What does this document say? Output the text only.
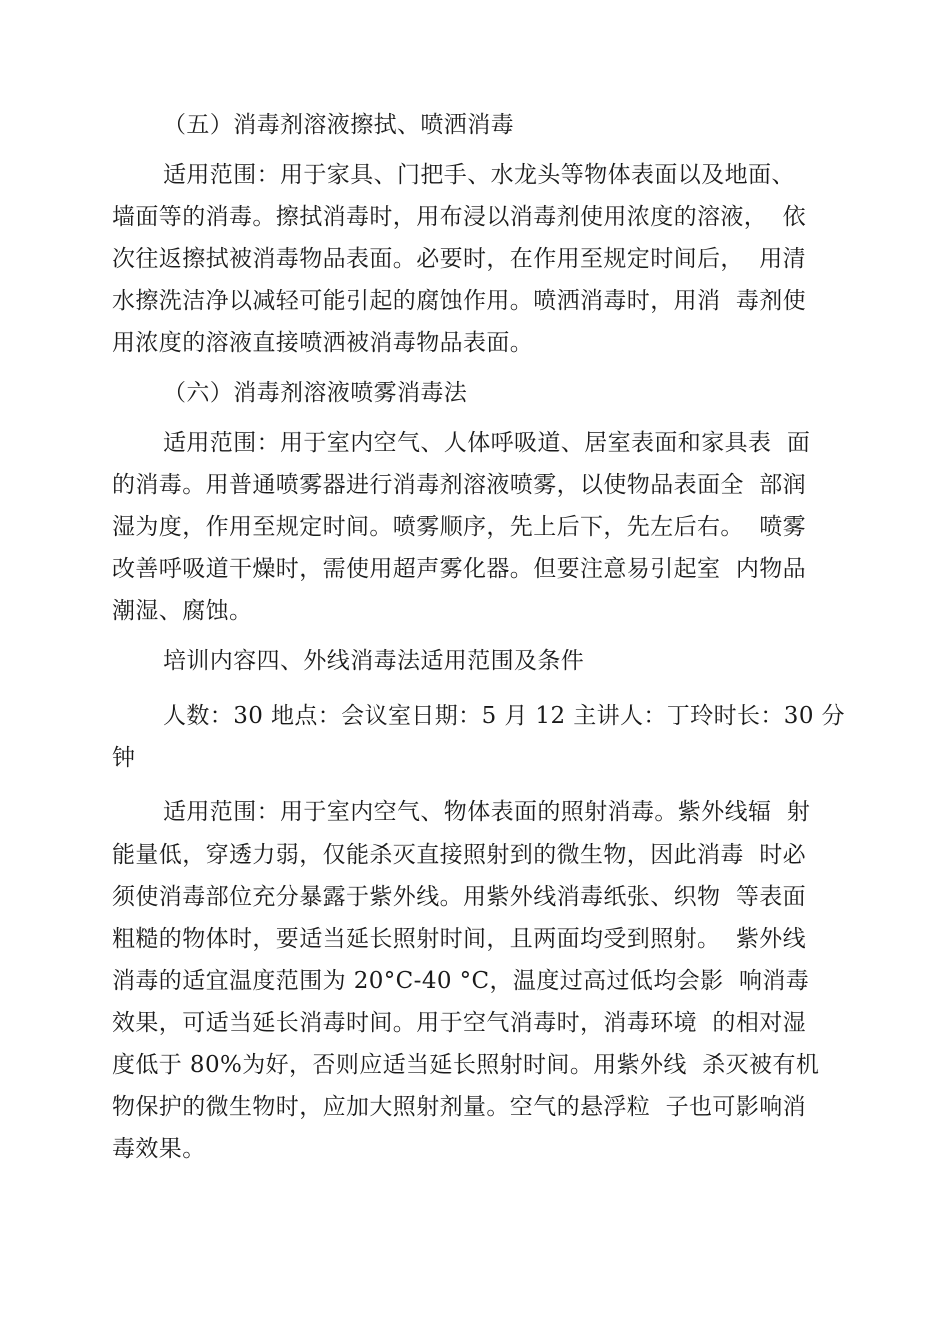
（五）消毒剂溶液擦拭、喷洒消毒
适用范围：用于家具、门把手、水龙头等物体表面以及地面、
墙面等的消毒。擦拭消毒时，用布浸以消毒剂使用浓度的溶液，  依
次往返擦拭被消毒物品表面。必要时，在作用至规定时间后，  用清
水擦洗洁净以减轻可能引起的腐蚀作用。喷洒消毒时，用消  毒剂使
用浓度的溶液直接喷洒被消毒物品表面。
（六）消毒剂溶液喷雾消毒法
适用范围：用于室内空气、人体呼吸道、居室表面和家具表  面
的消毒。用普通喷雾器进行消毒剂溶液喷雾，以使物品表面全  部润
湿为度，作用至规定时间。喷雾顺序，先上后下，先左后右。  喷雾
改善呼吸道干燥时，需使用超声雾化器。但要注意易引起室  内物品
潮湿、腐蚀。
培训内容四、外线消毒法适用范围及条件
人数：30 地点：会议室日期：5 月 12 主讲人：丁玲时长：30 分
钟
适用范围：用于室内空气、物体表面的照射消毒。紫外线辐  射
能量低，穿透力弱，仅能杀灭直接照射到的微生物，因此消毒  时必
须使消毒部位充分暴露于紫外线。用紫外线消毒纸张、织物  等表面
粗糙的物体时，要适当延长照射时间，且两面均受到照射。  紫外线
消毒的适宜温度范围为 20°C-40 °C，温度过高过低均会影  响消毒
效果，可适当延长消毒时间。用于空气消毒时，消毒环境  的相对湿
度低于 80%为好，否则应适当延长照射时间。用紫外线  杀灭被有机
物保护的微生物时，应加大照射剂量。空气的悬浮粒  子也可影响消
毒效果。
